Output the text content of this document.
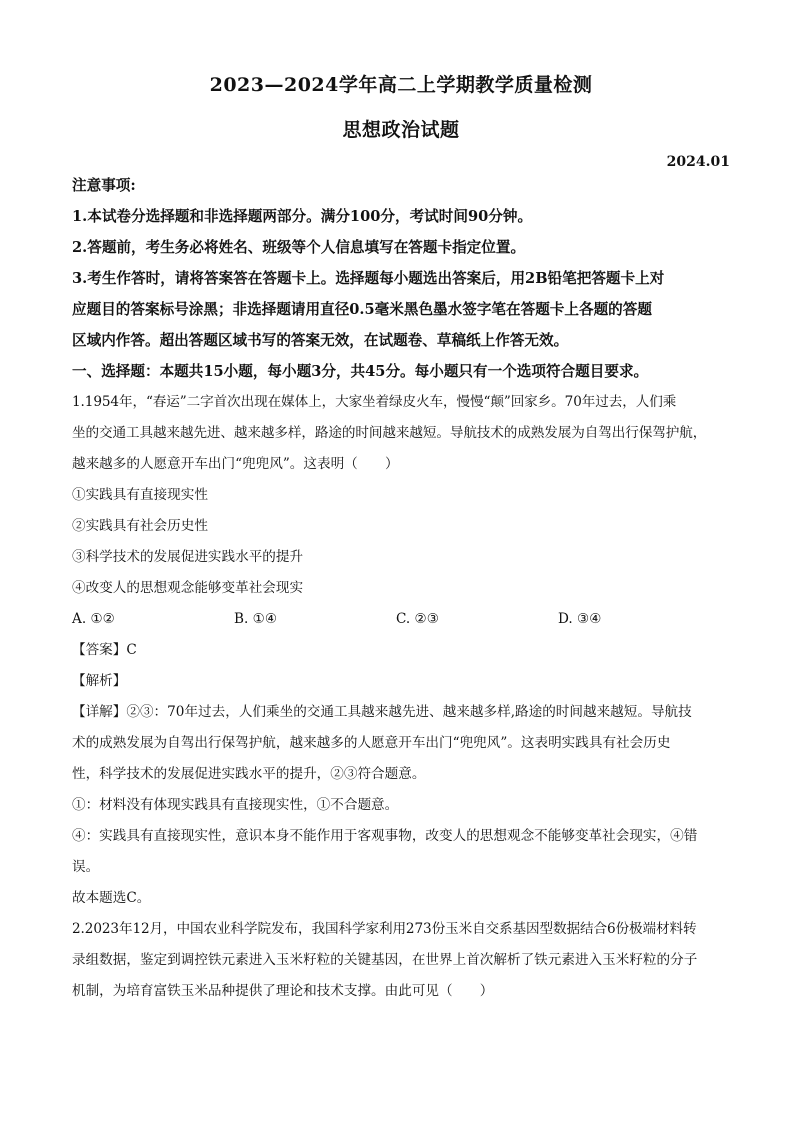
2023—2024学年高二上学期教学质量检测
思想政治试题
2024.01
注意事项:
1.本试卷分选择题和非选择题两部分。满分100分，考试时间90分钟。
2.答题前，考生务必将姓名、班级等个人信息填写在答题卡指定位置。
3.考生作答时，请将答案答在答题卡上。选择题每小题选出答案后，用2B铅笔把答题卡上对
应题目的答案标号涂黑；非选择题请用直径0.5毫米黑色墨水签字笔在答题卡上各题的答题
区域内作答。超出答题区域书写的答案无效，在试题卷、草稿纸上作答无效。
一、选择题：本题共15小题，每小题3分，共45分。每小题只有一个选项符合题目要求。
1.1954年，“春运”二字首次出现在媒体上，大家坐着绿皮火车，慢慢“颠”回家乡。70年过去，人们乘
坐的交通工具越来越先进、越来越多样，路途的时间越来越短。导航技术的成熟发展为自驾出行保驾护航，
越来越多的人愿意开车出门“兜兜风”。这表明（　　）
①实践具有直接现实性
②实践具有社会历史性
③科学技术的发展促进实践水平的提升
④改变人的思想观念能够变革社会现实
A. ①②	B. ①④	C. ②③	D. ③④
【答案】C
【解析】
【详解】②③：70年过去，人们乘坐的交通工具越来越先进、越来越多样,路途的时间越来越短。导航技
术的成熟发展为自驾出行保驾护航，越来越多的人愿意开车出门“兜兜风”。这表明实践具有社会历史
性，科学技术的发展促进实践水平的提升，②③符合题意。
①：材料没有体现实践具有直接现实性，①不合题意。
④：实践具有直接现实性，意识本身不能作用于客观事物，改变人的思想观念不能够变革社会现实，④错
误。
故本题选C。
2.2023年12月，中国农业科学院发布，我国科学家利用273份玉米自交系基因型数据结合6份极端材料转
录组数据，鉴定到调控铁元素进入玉米籽粒的关键基因，在世界上首次解析了铁元素进入玉米籽粒的分子
机制，为培育富铁玉米品种提供了理论和技术支撑。由此可见（　　）
